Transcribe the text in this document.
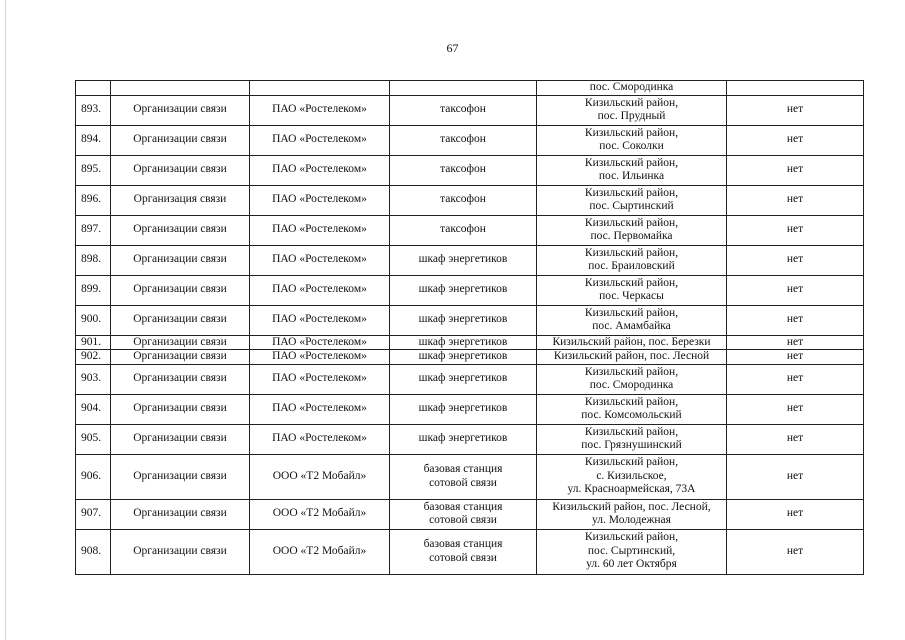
67

				пос. Смородинка	

893.	Организации связи	ПАО «Ростелеком»	таксофон	Кизильский район,
пос. Прудный	нет
894.	Организации связи	ПАО «Ростелеком»	таксофон	Кизильский район,
пос. Соколки	нет
895.	Организации связи	ПАО «Ростелеком»	таксофон	Кизильский район,
пос. Ильинка	нет
896.	Организация связи	ПАО «Ростелеком»	таксофон	Кизильский район,
пос. Сыртинский	нет
897.	Организации связи	ПАО «Ростелеком»	таксофон	Кизильский район,
пос. Первомайка	нет
898.	Организации связи	ПАО «Ростелеком»	шкаф энергетиков	Кизильский район,
пос. Браиловский	нет
899.	Организации связи	ПАО «Ростелеком»	шкаф энергетиков	Кизильский район,
пос. Черкасы	нет
900.	Организации связи	ПАО «Ростелеком»	шкаф энергетиков	Кизильский район,
пос. Амамбайка	нет
901.	Организации связи	ПАО «Ростелеком»	шкаф энергетиков	Кизильский район, пос. Березки	нет
902.	Организации связи	ПАО «Ростелеком»	шкаф энергетиков	Кизильский район, пос. Лесной	нет
903.	Организации связи	ПАО «Ростелеком»	шкаф энергетиков	Кизильский район,
пос. Смородинка	нет
904.	Организации связи	ПАО «Ростелеком»	шкаф энергетиков	Кизильский район,
пос. Комсомольский	нет
905.	Организации связи	ПАО «Ростелеком»	шкаф энергетиков	Кизильский район,
пос. Грязнушинский	нет
906.	Организации связи	ООО «Т2 Мобайл»	базовая станция
сотовой связи	Кизильский район,
с. Кизильское,
ул. Красноармейская, 73А	нет
907.	Организации связи	ООО «Т2 Мобайл»	базовая станция
сотовой связи	Кизильский район, пос. Лесной,
ул. Молодежная	нет
908.	Организации связи	ООО «Т2 Мобайл»	базовая станция
сотовой связи	Кизильский район,
пос. Сыртинский,
ул. 60 лет Октября	нет
